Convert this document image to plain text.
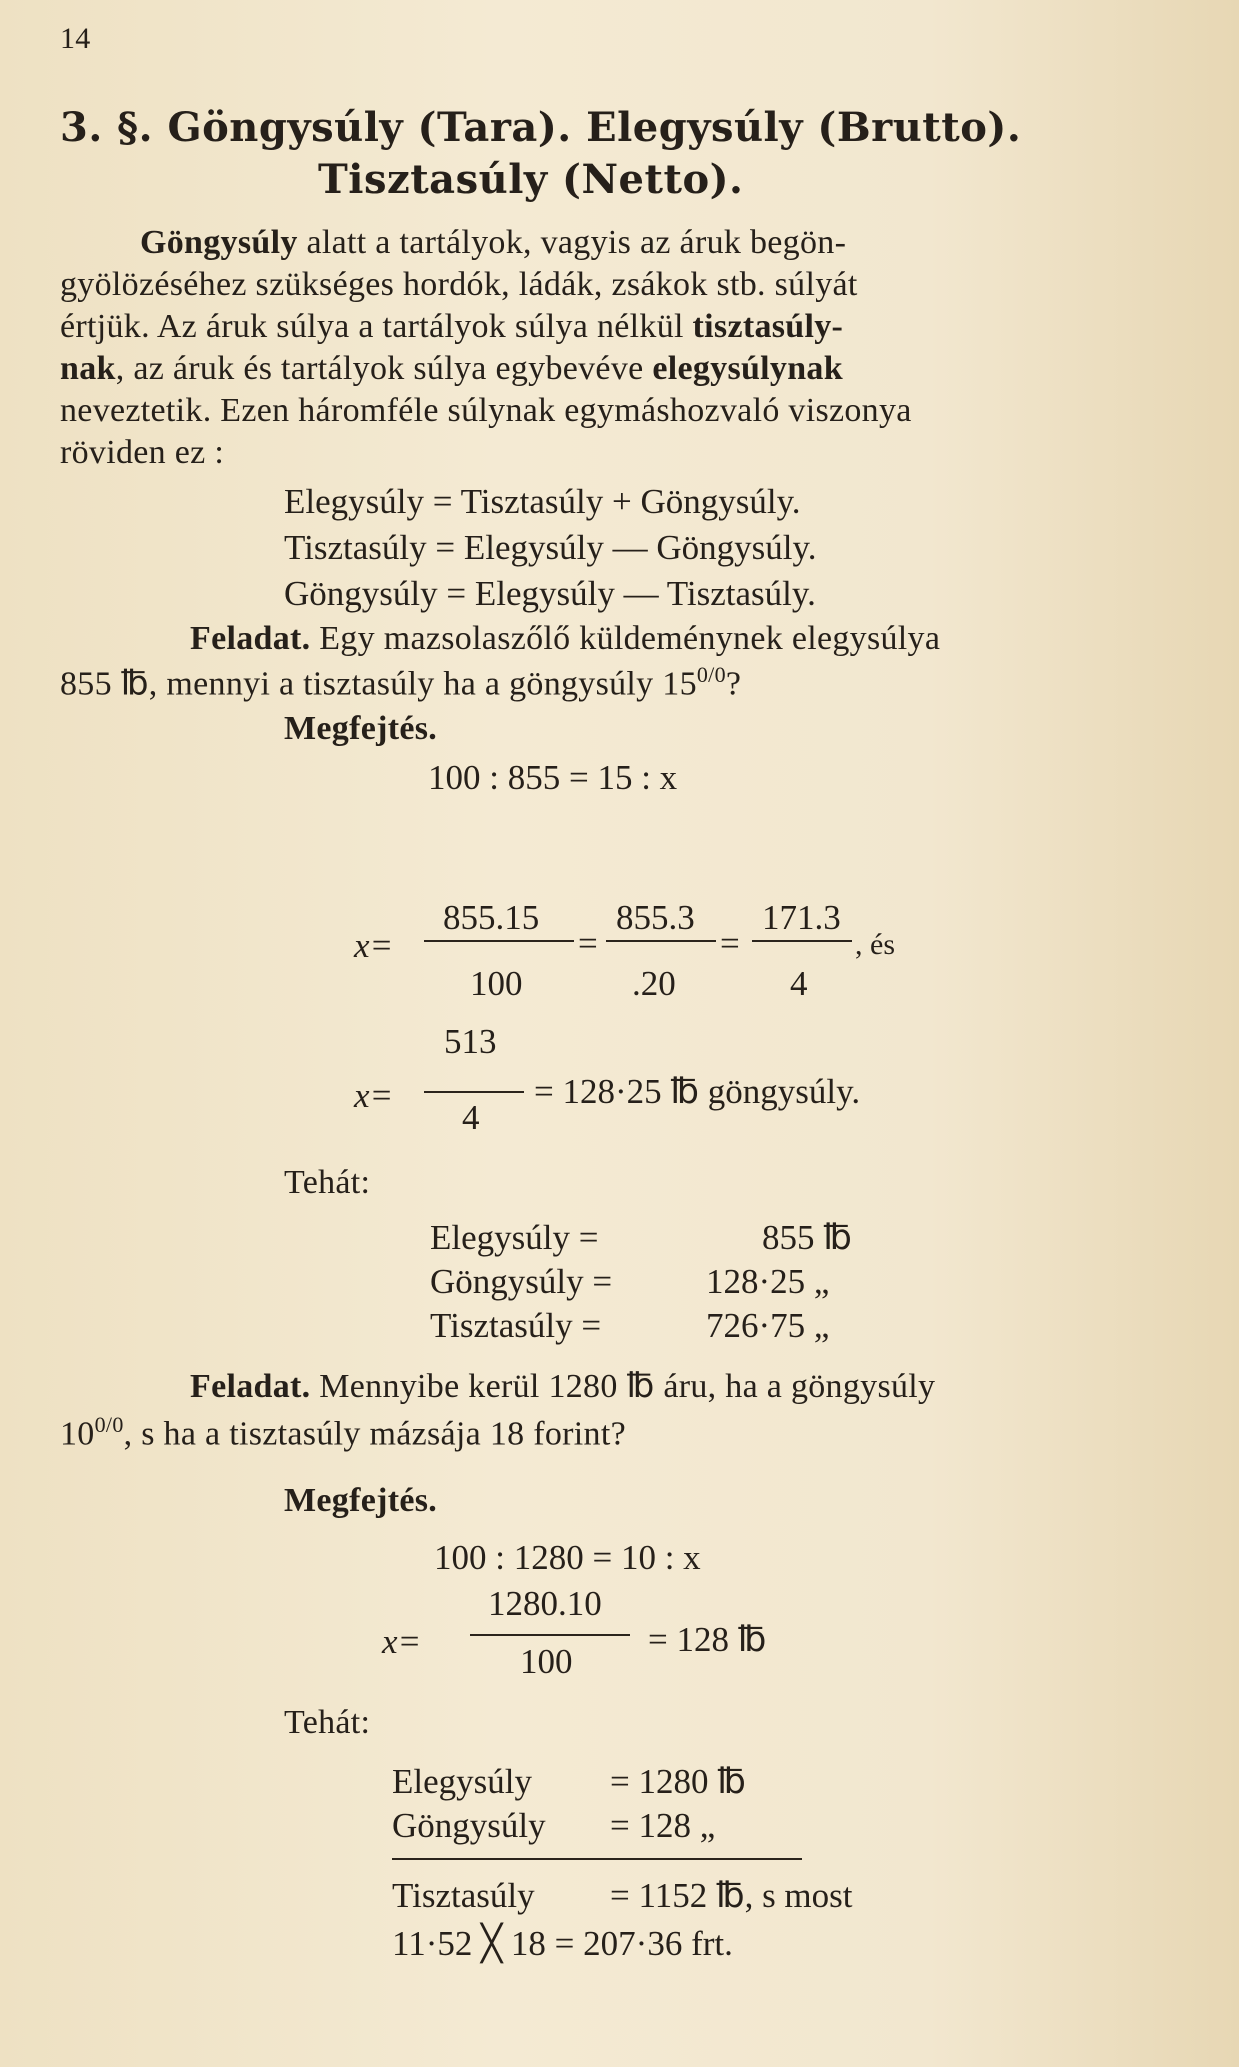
14
3. §. Göngysúly (Tara). Elegysúly (Brutto).
Tisztasúly (Netto).
Göngysúly alatt a tartályok, vagyis az áruk begön-
gyölözéséhez szükséges hordók, ládák, zsákok stb. súlyát
értjük. Az áruk súlya a tartályok súlya nélkül tisztasúly-
nak, az áruk és tartályok súlya egybevéve elegysúlynak
neveztetik. Ezen háromféle súlynak egymáshozvaló viszonya
röviden ez :
Elegysúly = Tisztasúly + Göngysúly.
Tisztasúly = Elegysúly — Göngysúly.
Göngysúly = Elegysúly — Tisztasúly.
Feladat. Egy mazsolaszőlő küldeménynek elegysúlya
855 ℔, mennyi a tisztasúly ha a göngysúly $15^{0/0}$?
Megfejtés.
100 : 855 = 15 : x
x=
855.15
100
=
855.3
.20
=
171.3
4
, és
x=
513
4
= 128·25 ℔ göngysúly.
Tehát:
Elegysúly =	855 ℔
Göngysúly =	128·25 „
Tisztasúly =	726·75 „
Feladat. Mennyibe kerül 1280 ℔ áru, ha a göngysúly
$10^{0/0}$, s ha a tisztasúly mázsája 18 forint?
Megfejtés.
100 : 1280 = 10 : x
x=
1280.10
100
= 128 ℔
Tehát:
Elegysúly = 1280 ℔
Göngysúly = 128 „
Tisztasúly = 1152 ℔, s most
11·52 ╳ 18 = 207·36 frt.
